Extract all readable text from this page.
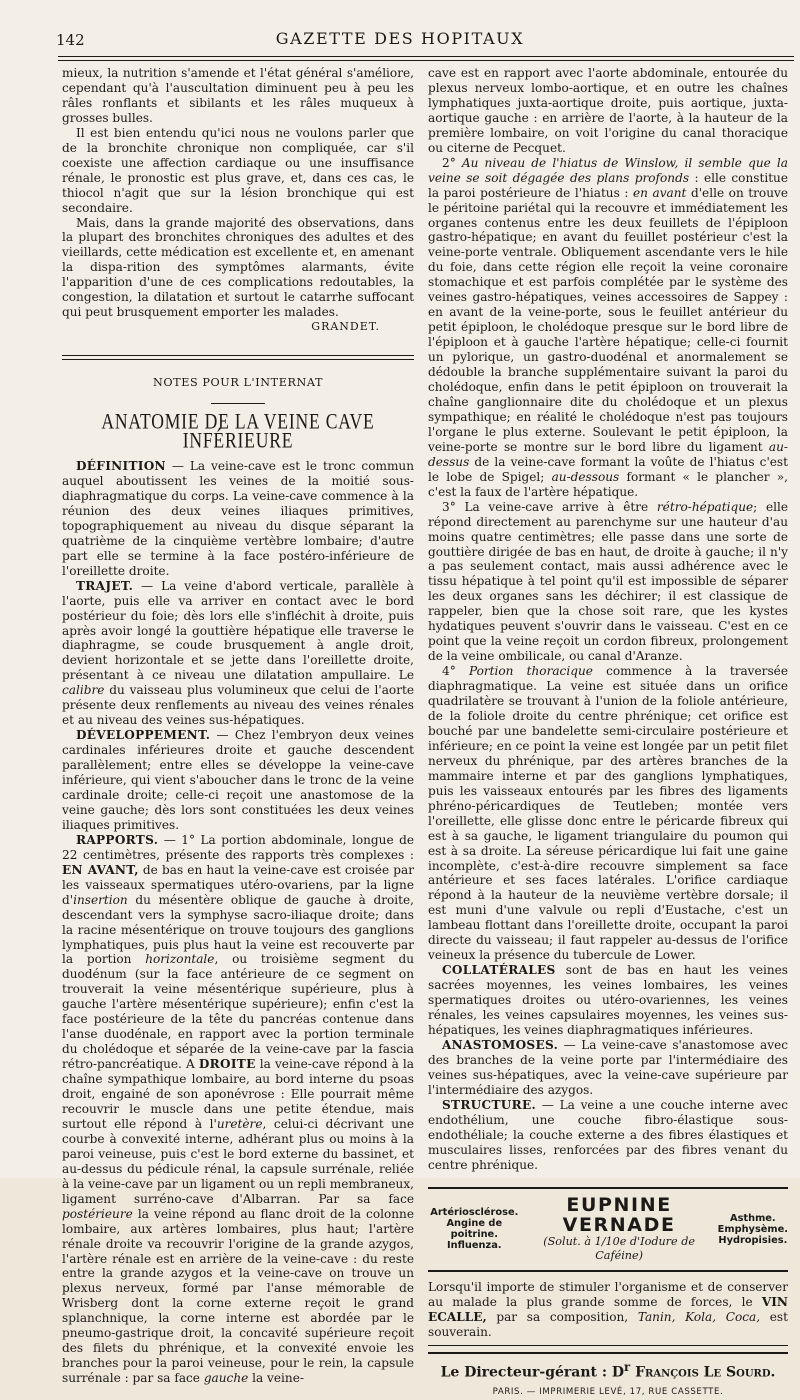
142	GAZETTE DES HOPITAUX

mieux, la nutrition s'amende et l'état général s'améliore, cependant qu'à l'auscultation diminuent peu à peu les râles ronflants et sibilants et les râles muqueux à grosses bulles.

Il est bien entendu qu'ici nous ne voulons parler que de la bronchite chronique non compliquée, car s'il coexiste une affection cardiaque ou une insuffisance rénale, le pronostic est plus grave, et, dans ces cas, le thiocol n'agit que sur la lésion bronchique qui est secondaire.

Mais, dans la grande majorité des observations, dans la plupart des bronchites chroniques des adultes et des vieillards, cette médication est excellente et, en amenant la dispa-rition des symptômes alarmants, évite l'apparition d'une de ces complications redoutables, la congestion, la dilatation et surtout le catarrhe suffocant qui peut brusquement emporter les malades.

GRANDET.
NOTES POUR L'INTERNAT
ANATOMIE DE LA VEINE CAVE INFÉRIEURE

DÉFINITION — La veine-cave est le tronc commun auquel aboutissent les veines de la moitié sous-diaphragmatique du corps. La veine-cave commence à la réunion des deux veines iliaques primitives, topographiquement au niveau du disque séparant la quatrième de la cinquième vertèbre lombaire; d'autre part elle se termine à la face postéro-inférieure de l'oreillette droite.

TRAJET. — La veine d'abord verticale, parallèle à l'aorte, puis elle va arriver en contact avec le bord postérieur du foie; dès lors elle s'infléchit à droite, puis après avoir longé la gouttière hépatique elle traverse le diaphragme, se coude brusquement à angle droit, devient horizontale et se jette dans l'oreillette droite, présentant à ce niveau une dilatation ampullaire. Le calibre du vaisseau plus volumineux que celui de l'aorte présente deux renflements au niveau des veines rénales et au niveau des veines sus-hépatiques.

DÉVELOPPEMENT. — Chez l'embryon deux veines cardinales inférieures droite et gauche descendent parallèlement; entre elles se développe la veine-cave inférieure, qui vient s'aboucher dans le tronc de la veine cardinale droite; celle-ci reçoit une anastomose de la veine gauche; dès lors sont constituées les deux veines iliaques primitives.

RAPPORTS. — 1° La portion abdominale, longue de 22 centimètres, présente des rapports très complexes : EN AVANT, de bas en haut la veine-cave est croisée par les vaisseaux spermatiques utéro-ovariens, par la ligne d'insertion du mésentère oblique de gauche à droite, descendant vers la symphyse sacro-iliaque droite; dans la racine mésentérique on trouve toujours des ganglions lymphatiques, puis plus haut la veine est recouverte par la portion horizontale, ou troisième segment du duodénum (sur la face antérieure de ce segment on trouverait la veine mésentérique supérieure, plus à gauche l'artère mésentérique supérieure); enfin c'est la face postérieure de la tête du pancréas contenue dans l'anse duodénale, en rapport avec la portion terminale du cholédoque et séparée de la veine-cave par la fascia rétro-pancréatique. A DROITE la veine-cave répond à la chaîne sympathique lombaire, au bord interne du psoas droit, engainé de son aponévrose : Elle pourrait même recouvrir le muscle dans une petite étendue, mais surtout elle répond à l'uretère, celui-ci décrivant une courbe à convexité interne, adhérant plus ou moins à la paroi veineuse, puis c'est le bord externe du bassinet, et au-dessus du pédicule rénal, la capsule surrénale, reliée à la veine-cave par un ligament ou un repli membraneux, ligament surréno-cave d'Albarran. Par sa face postérieure la veine répond au flanc droit de la colonne lombaire, aux artères lombaires, plus haut; l'artère rénale droite va recouvrir l'origine de la grande azygos, l'artère rénale est en arrière de la veine-cave : du reste entre la grande azygos et la veine-cave on trouve un plexus nerveux, formé par l'anse mémorable de Wrisberg dont la corne externe reçoit le grand splanchnique, la corne interne est abordée par le pneumo-gastrique droit, la concavité supérieure reçoit des filets du phrénique, et la convexité envoie les branches pour la paroi veineuse, pour le rein, la capsule surrénale : par sa face gauche la veine-

cave est en rapport avec l'aorte abdominale, entourée du plexus nerveux lombo-aortique, et en outre les chaînes lymphatiques juxta-aortique droite, puis aortique, juxta-aortique gauche : en arrière de l'aorte, à la hauteur de la première lombaire, on voit l'origine du canal thoracique ou citerne de Pecquet.

2° Au niveau de l'hiatus de Winslow, il semble que la veine se soit dégagée des plans profonds : elle constitue la paroi postérieure de l'hiatus : en avant d'elle on trouve le péritoine pariétal qui la recouvre et immédiatement les organes contenus entre les deux feuillets de l'épiploon gastro-hépatique; en avant du feuillet postérieur c'est la veine-porte ventrale. Obliquement ascendante vers le hile du foie, dans cette région elle reçoit la veine coronaire stomachique et est parfois complétée par le système des veines gastro-hépatiques, veines accessoires de Sappey : en avant de la veine-porte, sous le feuillet antérieur du petit épiploon, le cholédoque presque sur le bord libre de l'épiploon et à gauche l'artère hépatique; celle-ci fournit un pylorique, un gastro-duodénal et anormalement se dédouble la branche supplémentaire suivant la paroi du cholédoque, enfin dans le petit épiploon on trouverait la chaîne ganglionnaire dite du cholédoque et un plexus sympathique; en réalité le cholédoque n'est pas toujours l'organe le plus externe. Soulevant le petit épiploon, la veine-porte se montre sur le bord libre du ligament au-dessus de la veine-cave formant la voûte de l'hiatus c'est le lobe de Spigel; au-dessous formant « le plancher », c'est la faux de l'artère hépatique.

3° La veine-cave arrive à être rétro-hépatique; elle répond directement au parenchyme sur une hauteur d'au moins quatre centimètres; elle passe dans une sorte de gouttière dirigée de bas en haut, de droite à gauche; il n'y a pas seulement contact, mais aussi adhérence avec le tissu hépatique à tel point qu'il est impossible de séparer les deux organes sans les déchirer; il est classique de rappeler, bien que la chose soit rare, que les kystes hydatiques peuvent s'ouvrir dans le vaisseau. C'est en ce point que la veine reçoit un cordon fibreux, prolongement de la veine ombilicale, ou canal d'Aranze.

4° Portion thoracique commence à la traversée diaphragmatique. La veine est située dans un orifice quadrilatère se trouvant à l'union de la foliole antérieure, de la foliole droite du centre phrénique; cet orifice est bouché par une bandelette semi-circulaire postérieure et inférieure; en ce point la veine est longée par un petit filet nerveux du phrénique, par des artères branches de la mammaire interne et par des ganglions lymphatiques, puis les vaisseaux entourés par les fibres des ligaments phréno-péricardiques de Teutleben; montée vers l'oreillette, elle glisse donc entre le péricarde fibreux qui est à sa gauche, le ligament triangulaire du poumon qui est à sa droite. La séreuse péricardique lui fait une gaine incomplète, c'est-à-dire recouvre simplement sa face antérieure et ses faces latérales. L'orifice cardiaque répond à la hauteur de la neuvième vertèbre dorsale; il est muni d'une valvule ou repli d'Eustache, c'est un lambeau flottant dans l'oreillette droite, occupant la paroi directe du vaisseau; il faut rappeler au-dessus de l'orifice veineux la présence du tubercule de Lower.

COLLATÉRALES sont de bas en haut les veines sacrées moyennes, les veines lombaires, les veines spermatiques droites ou utéro-ovariennes, les veines rénales, les veines capsulaires moyennes, les veines sus-hépatiques, les veines diaphragmatiques inférieures.

ANASTOMOSES. — La veine-cave s'anastomose avec des branches de la veine porte par l'intermédiaire des veines sus-hépatiques, avec la veine-cave supérieure par l'intermédiaire des azygos.

STRUCTURE. — La veine a une couche interne avec endothélium, une couche fibro-élastique sous-endothéliale; la couche externe a des fibres élastiques et musculaires lisses, renforcées par des fibres venant du centre phrénique.

Artériosclérose.
Angine de poitrine.
Influenza.
EUPNINE VERNADE
(Solut. à 1/10e d'Iodure de Caféine)
Asthme.
Emphysème.
Hydropisies.

Lorsqu'il importe de stimuler l'organisme et de conserver au malade la plus grande somme de forces, le VIN ECALLE, par sa composition, Tanin, Kola, Coca, est souverain.

Le Directeur-gérant : $D^r$ François Le Sourd.
PARIS. — IMPRIMERIE LEVÉ, 17, RUE CASSETTE.
